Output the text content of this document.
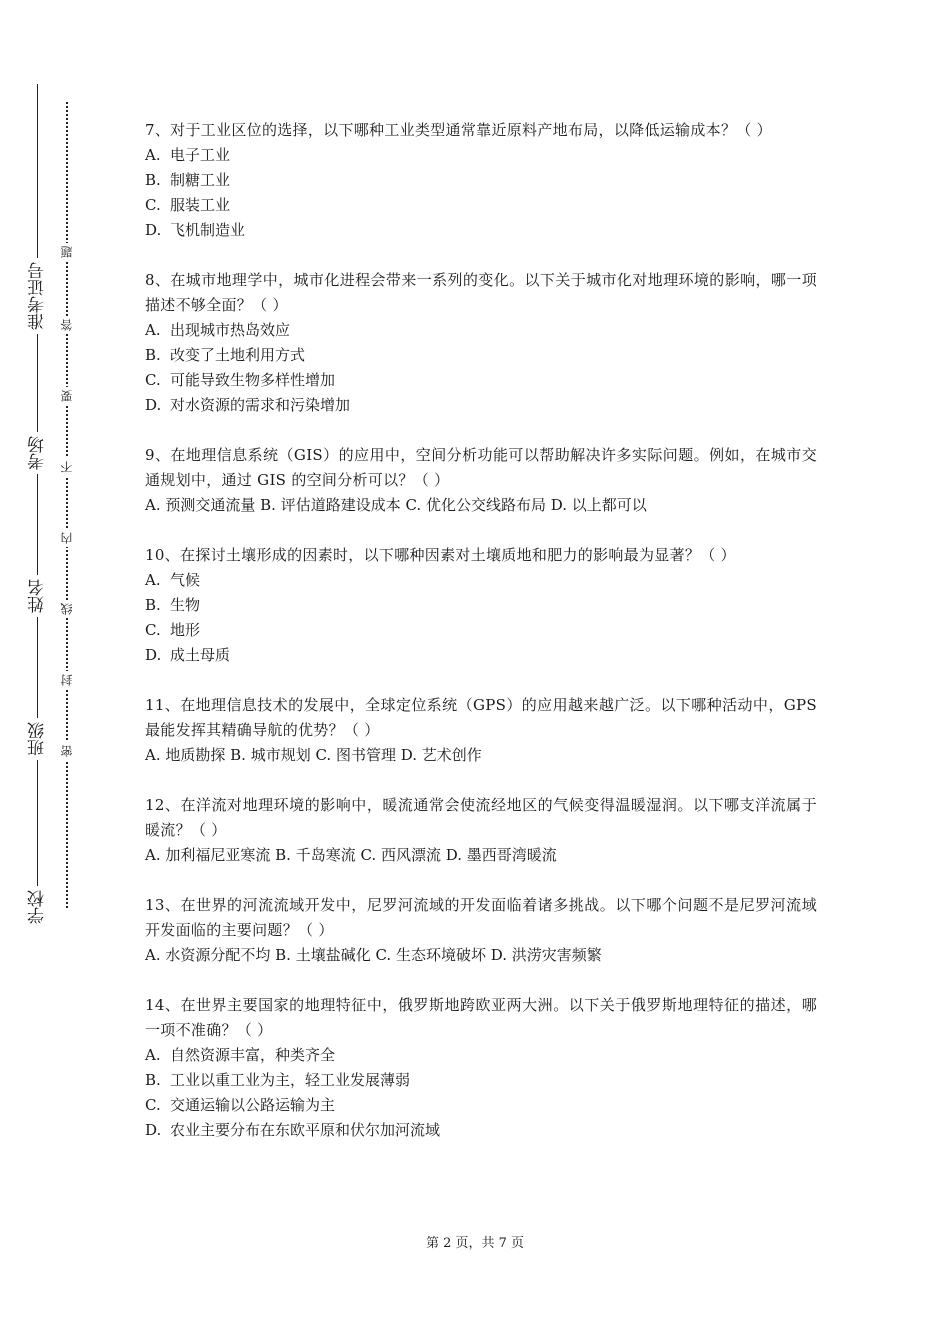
准考证号
考场
姓名
班级
学校
题
答
要
不
内
线
封
密

7、对于工业区位的选择，以下哪种工业类型通常靠近原料产地布局，以降低运输成本？（ ）

A. 电子工业

B. 制糖工业

C. 服装工业

D. 飞机制造业

8、在城市地理学中，城市化进程会带来一系列的变化。以下关于城市化对地理环境的影响，哪一项描述不够全面？（ ）

A. 出现城市热岛效应

B. 改变了土地利用方式

C. 可能导致生物多样性增加

D. 对水资源的需求和污染增加

9、在地理信息系统（GIS）的应用中，空间分析功能可以帮助解决许多实际问题。例如，在城市交通规划中，通过 GIS 的空间分析可以？（ ）

A. 预测交通流量 B. 评估道路建设成本 C. 优化公交线路布局 D. 以上都可以

10、在探讨土壤形成的因素时，以下哪种因素对土壤质地和肥力的影响最为显著？（ ）

A. 气候

B. 生物

C. 地形

D. 成土母质

11、在地理信息技术的发展中，全球定位系统（GPS）的应用越来越广泛。以下哪种活动中，GPS 最能发挥其精确导航的优势？（ ）

A. 地质勘探 B. 城市规划 C. 图书管理 D. 艺术创作

12、在洋流对地理环境的影响中，暖流通常会使流经地区的气候变得温暖湿润。以下哪支洋流属于暖流？（ ）

A. 加利福尼亚寒流 B. 千岛寒流 C. 西风漂流 D. 墨西哥湾暖流

13、在世界的河流流域开发中，尼罗河流域的开发面临着诸多挑战。以下哪个问题不是尼罗河流域开发面临的主要问题？（ ）

A. 水资源分配不均 B. 土壤盐碱化 C. 生态环境破坏 D. 洪涝灾害频繁

14、在世界主要国家的地理特征中，俄罗斯地跨欧亚两大洲。以下关于俄罗斯地理特征的描述，哪一项不准确？（ ）

A. 自然资源丰富，种类齐全

B. 工业以重工业为主，轻工业发展薄弱

C. 交通运输以公路运输为主

D. 农业主要分布在东欧平原和伏尔加河流域

第 2 页，共 7 页
